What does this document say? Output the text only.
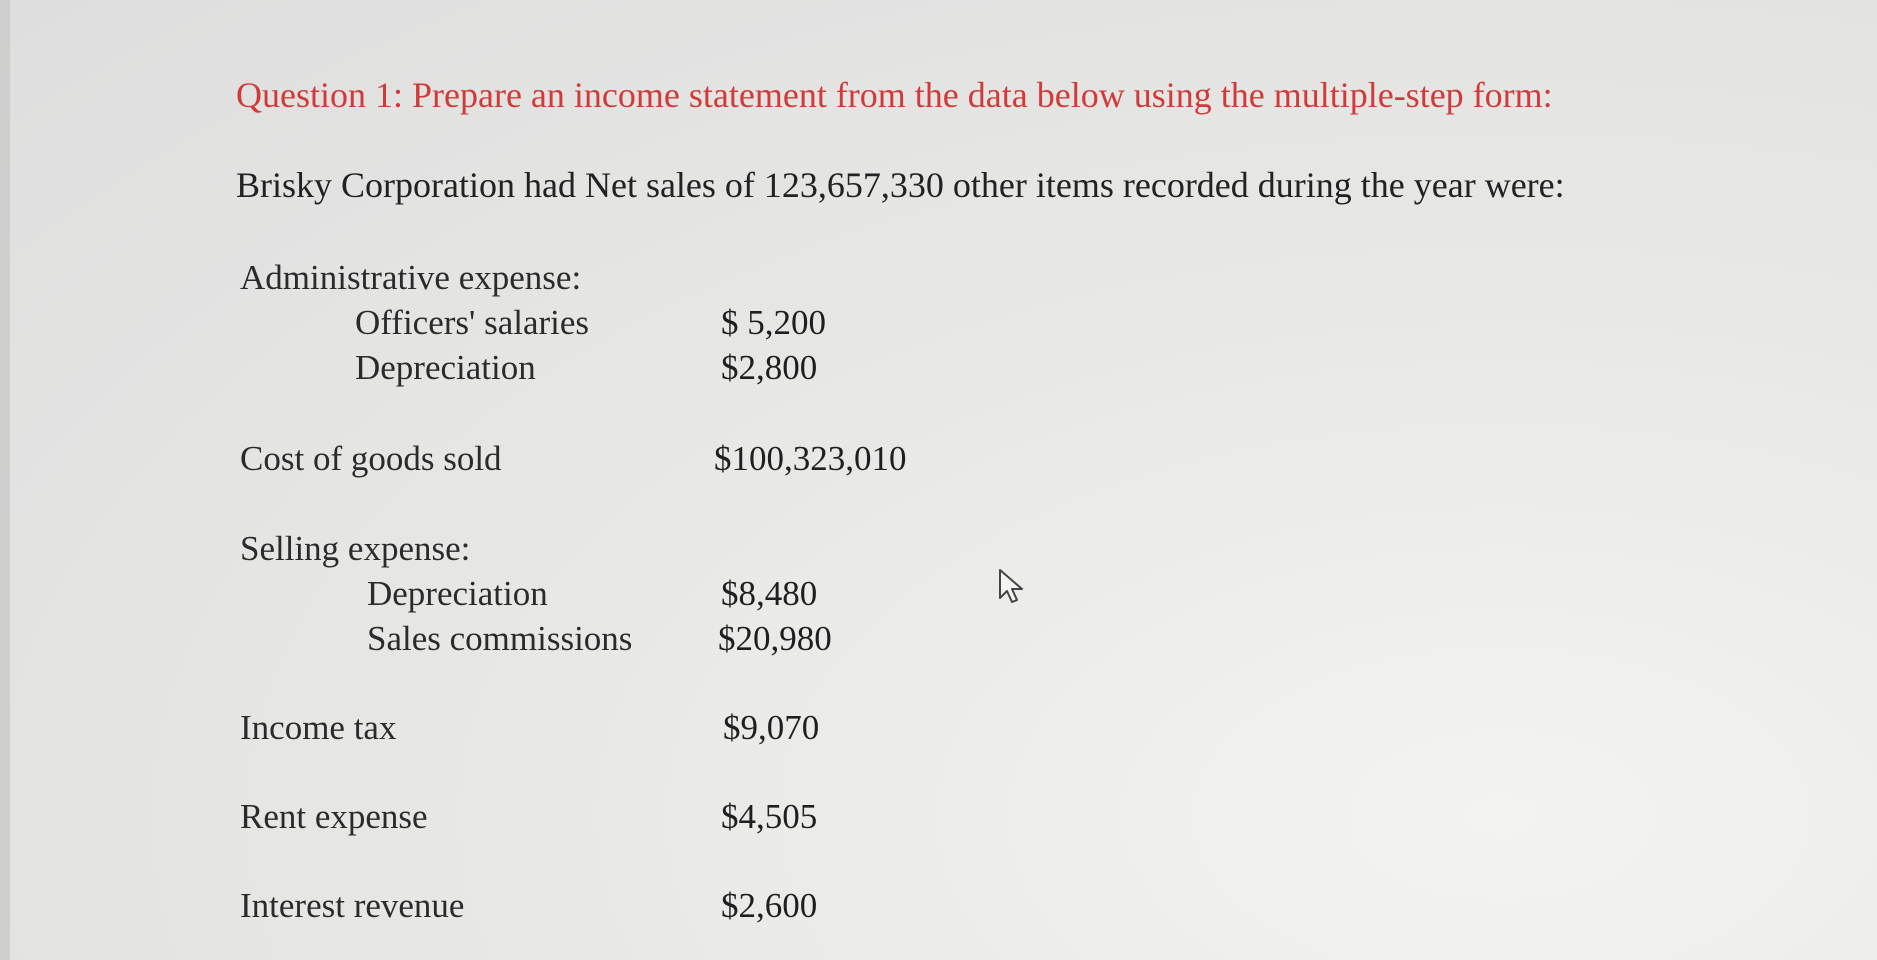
Question 1: Prepare an income statement from the data below using the multiple-step form:
Brisky Corporation had Net sales of 123,657,330 other items recorded during the year were:
Administrative expense:
Officers' salaries	$ 5,200
Depreciation	$2,800
Cost of goods sold	$100,323,010
Selling expense:
Depreciation	$8,480
Sales commissions $20,980
Income tax	$9,070
Rent expense	$4,505
Interest revenue	$2,600
